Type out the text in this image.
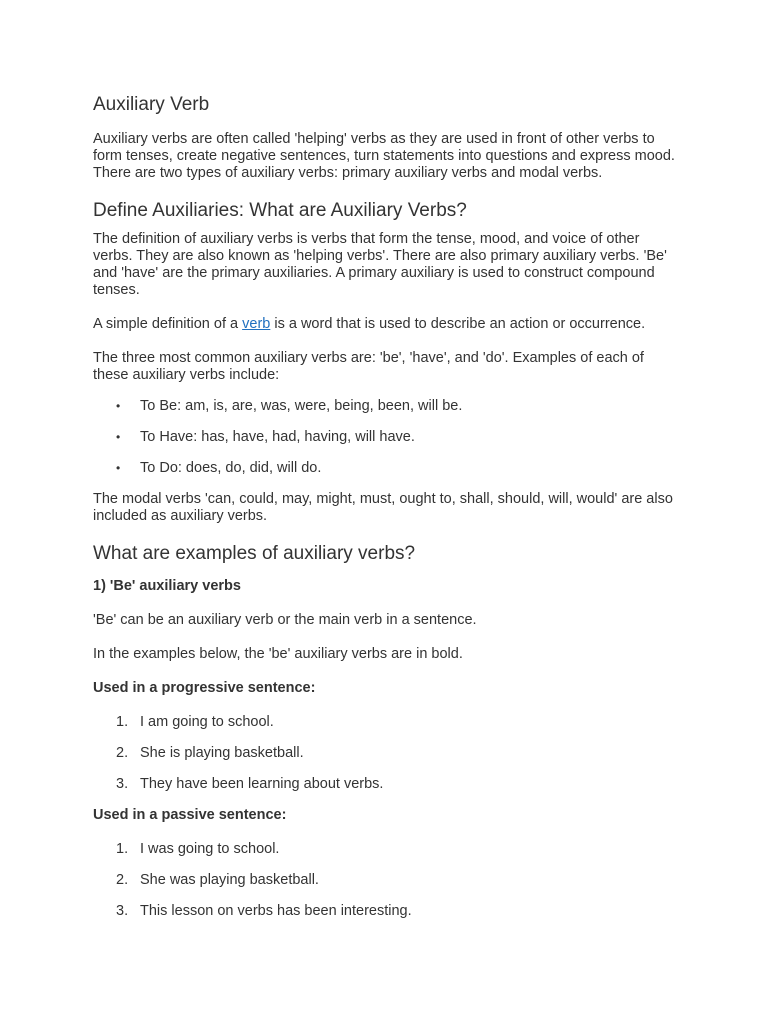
Auxiliary Verb

Auxiliary verbs are often called 'helping' verbs as they are used in front of other verbs to form tenses, create negative sentences, turn statements into questions and express mood. There are two types of auxiliary verbs: primary auxiliary verbs and modal verbs.

Define Auxiliaries: What are Auxiliary Verbs?

The definition of auxiliary verbs is verbs that form the tense, mood, and voice of other verbs. They are also known as 'helping verbs'. There are also primary auxiliary verbs. 'Be' and 'have' are the primary auxiliaries. A primary auxiliary is used to construct compound tenses.

A simple definition of a verb is a word that is used to describe an action or occurrence.

The three most common auxiliary verbs are: 'be', 'have', and 'do'. Examples of each of these auxiliary verbs include:

• To Be: am, is, are, was, were, being, been, will be.
• To Have: has, have, had, having, will have.
• To Do: does, do, did, will do.

The modal verbs 'can, could, may, might, must, ought to, shall, should, will, would' are also included as auxiliary verbs.

What are examples of auxiliary verbs?

1) 'Be' auxiliary verbs

'Be' can be an auxiliary verb or the main verb in a sentence.

In the examples below, the 'be' auxiliary verbs are in bold.

Used in a progressive sentence:

1. I am going to school.
2. She is playing basketball.
3. They have been learning about verbs.

Used in a passive sentence:

1. I was going to school.
2. She was playing basketball.
3. This lesson on verbs has been interesting.
